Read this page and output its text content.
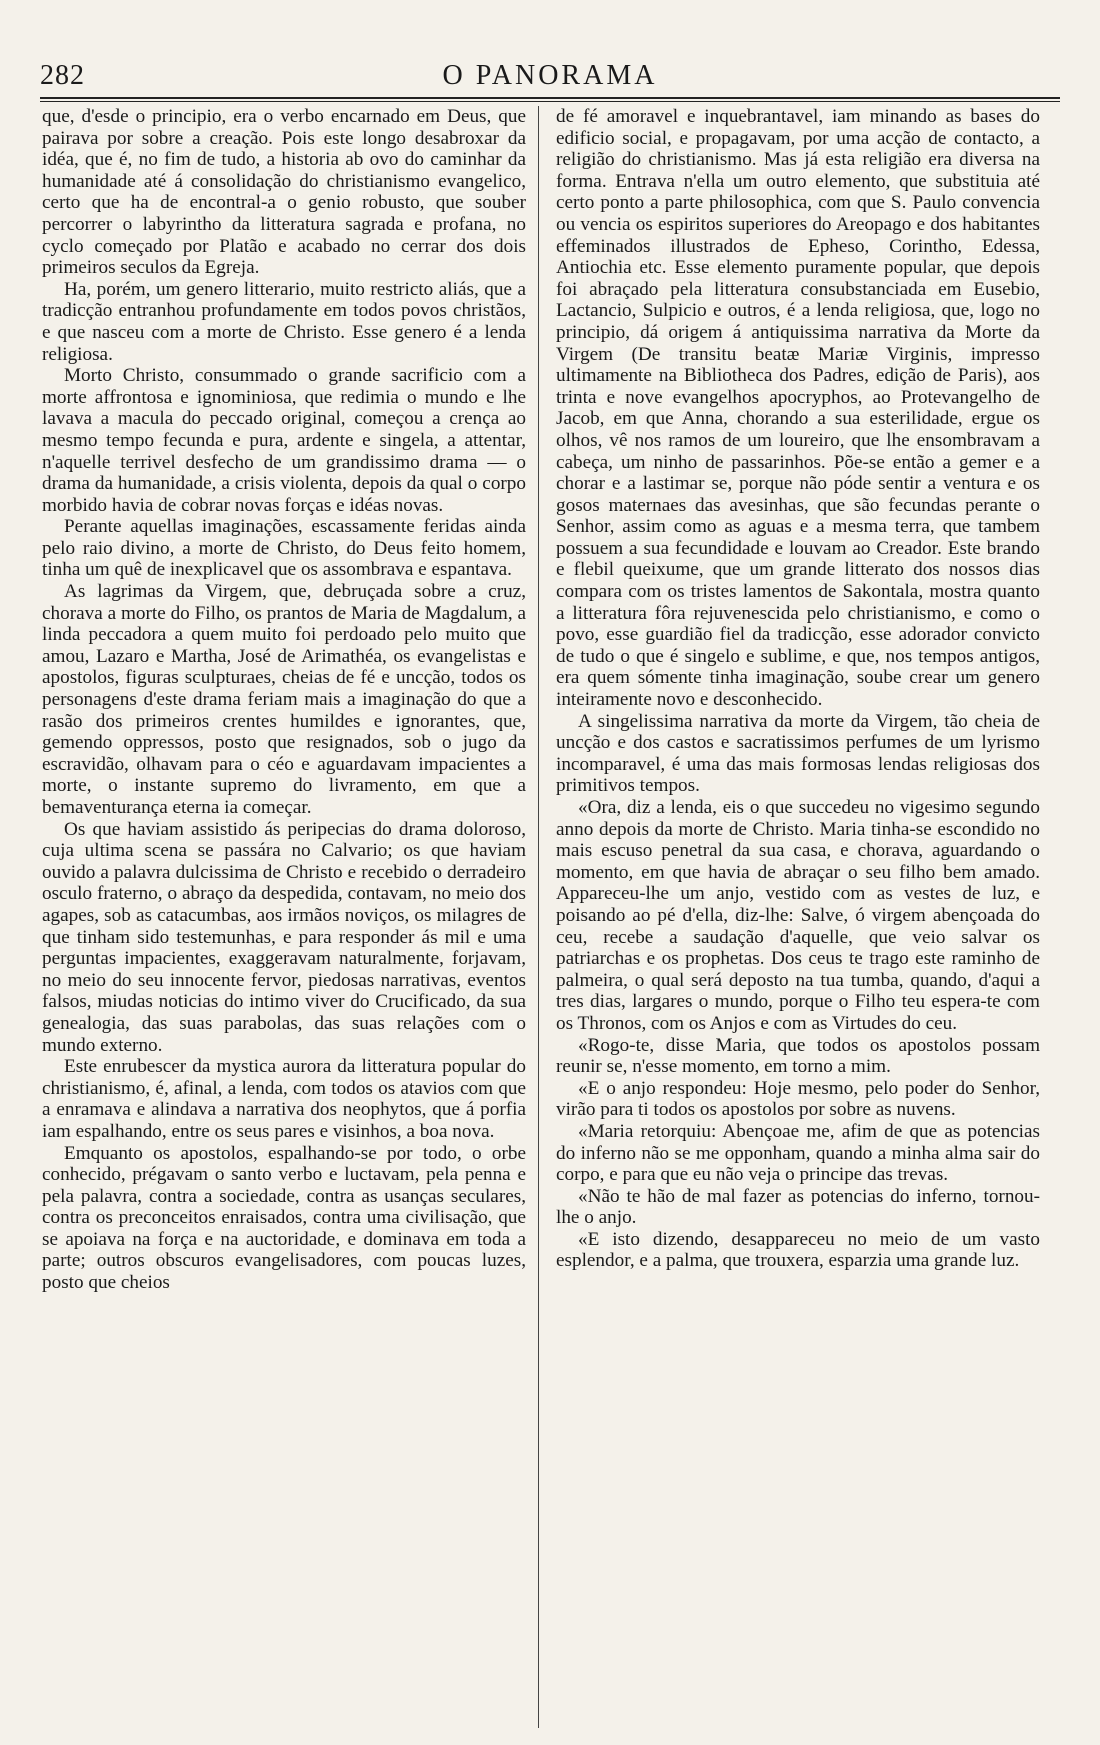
282	O PANORAMA

que, d'esde o principio, era o verbo encarnado em Deus, que pairava por sobre a creação. Pois este longo desabroxar da idéa, que é, no fim de tudo, a historia ab ovo do caminhar da humanidade até á consolidação do christianismo evangelico, certo que ha de encontral-a o genio robusto, que souber percorrer o labyrintho da litteratura sagrada e profana, no cyclo começado por Platão e acabado no cerrar dos dois primeiros seculos da Egreja.

Ha, porém, um genero litterario, muito restricto aliás, que a tradicção entranhou profundamente em todos povos christãos, e que nasceu com a morte de Christo. Esse genero é a lenda religiosa.

Morto Christo, consummado o grande sacrificio com a morte affrontosa e ignominiosa, que redimia o mundo e lhe lavava a macula do peccado original, começou a crença ao mesmo tempo fecunda e pura, ardente e singela, a attentar, n'aquelle terrivel desfecho de um grandissimo drama — o drama da humanidade, a crisis violenta, depois da qual o corpo morbido havia de cobrar novas forças e idéas novas.

Perante aquellas imaginações, escassamente feridas ainda pelo raio divino, a morte de Christo, do Deus feito homem, tinha um quê de inexplicavel que os assombrava e espantava.

As lagrimas da Virgem, que, debruçada sobre a cruz, chorava a morte do Filho, os prantos de Maria de Magdalum, a linda peccadora a quem muito foi perdoado pelo muito que amou, Lazaro e Martha, José de Arimathéa, os evangelistas e apostolos, figuras sculpturaes, cheias de fé e uncção, todos os personagens d'este drama feriam mais a imaginação do que a rasão dos primeiros crentes humildes e ignorantes, que, gemendo oppressos, posto que resignados, sob o jugo da escravidão, olhavam para o céo e aguardavam impacientes a morte, o instante supremo do livramento, em que a bemaventurança eterna ia começar.

Os que haviam assistido ás peripecias do drama doloroso, cuja ultima scena se passára no Calvario; os que haviam ouvido a palavra dulcissima de Christo e recebido o derradeiro osculo fraterno, o abraço da despedida, contavam, no meio dos agapes, sob as catacumbas, aos irmãos noviços, os milagres de que tinham sido testemunhas, e para responder ás mil e uma perguntas impacientes, exaggeravam naturalmente, forjavam, no meio do seu innocente fervor, piedosas narrativas, eventos falsos, miudas noticias do intimo viver do Crucificado, da sua genealogia, das suas parabolas, das suas relações com o mundo externo.

Este enrubescer da mystica aurora da litteratura popular do christianismo, é, afinal, a lenda, com todos os atavios com que a enramava e alindava a narrativa dos neophytos, que á porfia iam espalhando, entre os seus pares e visinhos, a boa nova.

Emquanto os apostolos, espalhando-se por todo, o orbe conhecido, prégavam o santo verbo e luctavam, pela penna e pela palavra, contra a sociedade, contra as usanças seculares, contra os preconceitos enraisados, contra uma civilisação, que se apoiava na força e na auctoridade, e dominava em toda a parte; outros obscuros evangelisadores, com poucas luzes, posto que cheios

de fé amoravel e inquebrantavel, iam minando as bases do edificio social, e propagavam, por uma acção de contacto, a religião do christianismo. Mas já esta religião era diversa na forma. Entrava n'ella um outro elemento, que substituia até certo ponto a parte philosophica, com que S. Paulo convencia ou vencia os espiritos superiores do Areopago e dos habitantes effeminados illustrados de Epheso, Corintho, Edessa, Antiochia etc. Esse elemento puramente popular, que depois foi abraçado pela litteratura consubstanciada em Eusebio, Lactancio, Sulpicio e outros, é a lenda religiosa, que, logo no principio, dá origem á antiquissima narrativa da Morte da Virgem (De transitu beatæ Mariæ Virginis, impresso ultimamente na Bibliotheca dos Padres, edição de Paris), aos trinta e nove evangelhos apocryphos, ao Protevangelho de Jacob, em que Anna, chorando a sua esterilidade, ergue os olhos, vê nos ramos de um loureiro, que lhe ensombravam a cabeça, um ninho de passarinhos. Põe-se então a gemer e a chorar e a lastimar se, porque não póde sentir a ventura e os gosos maternaes das avesinhas, que são fecundas perante o Senhor, assim como as aguas e a mesma terra, que tambem possuem a sua fecundidade e louvam ao Creador. Este brando e flebil queixume, que um grande litterato dos nossos dias compara com os tristes lamentos de Sakontala, mostra quanto a litteratura fôra rejuvenescida pelo christianismo, e como o povo, esse guardião fiel da tradicção, esse adorador convicto de tudo o que é singelo e sublime, e que, nos tempos antigos, era quem sómente tinha imaginação, soube crear um genero inteiramente novo e desconhecido.

A singelissima narrativa da morte da Virgem, tão cheia de uncção e dos castos e sacratissimos perfumes de um lyrismo incomparavel, é uma das mais formosas lendas religiosas dos primitivos tempos.

«Ora, diz a lenda, eis o que succedeu no vigesimo segundo anno depois da morte de Christo. Maria tinha-se escondido no mais escuso penetral da sua casa, e chorava, aguardando o momento, em que havia de abraçar o seu filho bem amado. Appareceu-lhe um anjo, vestido com as vestes de luz, e poisando ao pé d'ella, diz-lhe: Salve, ó virgem abençoada do ceu, recebe a saudação d'aquelle, que veio salvar os patriarchas e os prophetas. Dos ceus te trago este raminho de palmeira, o qual será deposto na tua tumba, quando, d'aqui a tres dias, largares o mundo, porque o Filho teu espera-te com os Thronos, com os Anjos e com as Virtudes do ceu.

«Rogo-te, disse Maria, que todos os apostolos possam reunir se, n'esse momento, em torno a mim.

«E o anjo respondeu: Hoje mesmo, pelo poder do Senhor, virão para ti todos os apostolos por sobre as nuvens.

«Maria retorquiu: Abençoae me, afim de que as potencias do inferno não se me opponham, quando a minha alma sair do corpo, e para que eu não veja o principe das trevas.

«Não te hão de mal fazer as potencias do inferno, tornou-lhe o anjo.

«E isto dizendo, desappareceu no meio de um vasto esplendor, e a palma, que trouxera, esparzia uma grande luz.
